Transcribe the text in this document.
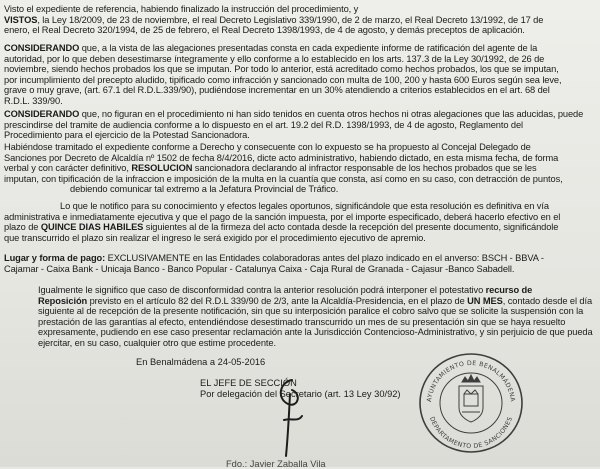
Visto el expediente de referencia, habiendo finalizado la instrucción del procedimiento, y
VISTOS, la Ley 18/2009, de 23 de noviembre, el real Decreto Legislativo 339/1990, de 2 de marzo, el Real Decreto 13/1992, de 17 de
enero, el Real Decreto 320/1994, de 25 de febrero, el Real Decreto 1398/1993, de 4 de agosto, y demás preceptos de aplicación.
CONSIDERANDO que, a la vista de las alegaciones presentadas consta en cada expediente informe de ratificación del agente de la
autoridad, por lo que deben desestimarse íntegramente y ello conforme a lo establecido en los arts. 137.3 de la Ley 30/1992, de 26 de
noviembre, siendo hechos probados los que se imputan. Por todo lo anterior, está acreditado como hechos probados, los que se imputan,
por incumplimiento del precepto aludido, tipificado como infracción y sancionado con multa de 100, 200 y hasta 600 Euros según sea leve,
grave o muy grave, (art. 67.1 del R.D.L.339/90), pudiéndose incrementar en un 30% atendiendo a criterios establecidos en el art. 68 del
R.D.L. 339/90.
CONSIDERANDO que, no figuran en el procedimiento ni han sido tenidos en cuenta otros hechos ni otras alegaciones que las aducidas, puede
prescindirse del tramite de audiencia conforme a lo dispuesto en el art. 19.2 del R.D. 1398/1993, de 4 de agosto, Reglamento del
Procedimiento para el ejercicio de la Potestad Sancionadora.
Habiéndose tramitado el expediente conforme a Derecho y consecuente con lo expuesto se ha propuesto al Concejal Delegado de
Sanciones por Decreto de Alcaldía nº 1502 de fecha 8/4/2016, dicte acto administrativo, habiendo dictado, en esta misma fecha, de forma
verbal y con carácter definitivo, RESOLUCION sancionadora declarando al infractor responsable de los hechos probados que se les
imputan, con tipificación de la infraccion e imposición de la multa en la cuantía que consta, así como en su caso, con detracción de puntos,
debiendo comunicar tal extremo a la Jefatura Provincial de Tráfico.
Lo que le notifico para su conocimiento y efectos legales oportunos, significándole que esta resolución es definitiva en vía
administrativa e inmediatamente ejecutiva y que el pago de la sanción impuesta, por el importe especificado, deberá hacerlo efectivo en el
plazo de QUINCE DIAS HABILES siguientes al de la firmeza del acto contada desde la recepción del presente documento, significándole
que transcurrido el plazo sin realizar el ingreso le será exigido por el procedimiento ejecutivo de apremio.
Lugar y forma de pago: EXCLUSIVAMENTE en las Entidades colaboradoras antes del plazo indicado en el anverso: BSCH - BBVA -
Cajamar - Caixa Bank - Unicaja Banco - Banco Popular - Catalunya Caixa - Caja Rural de Granada - Cajasur -Banco Sabadell.
Igualmente le significo que caso de disconformidad contra la anterior resolución podrá interponer el potestativo recurso de
Reposición previsto en el artículo 82 del R.D.L 339/90 de 2/3, ante la Alcaldía-Presidencia, en el plazo de UN MES, contado desde el día
siguiente al de recepción de la presente notificación, sin que su interposición paralice el cobro salvo que se solicite la suspensión con la
prestación de las garantías al efecto, entendiéndose desestimado transcurrido un mes de su presentación sin que se haya resuelto
expresamente, pudiendo en ese caso presentar reclamación ante la Jurisdicción Contencioso-Administrativo, y sin perjuicio de que pueda
ejercitar, en su caso, cualquier otro que estime procedente.
En Benalmádena a 24-05-2016
EL JEFE DE SECCIÓN
Por delegación del Secretario (art. 13 Ley 30/92)
AYUNTAMIENTO DE BENALMÁDENA
DEPARTAMENTO DE SANCIONES
Fdo.: Javier Zaballa Vila
